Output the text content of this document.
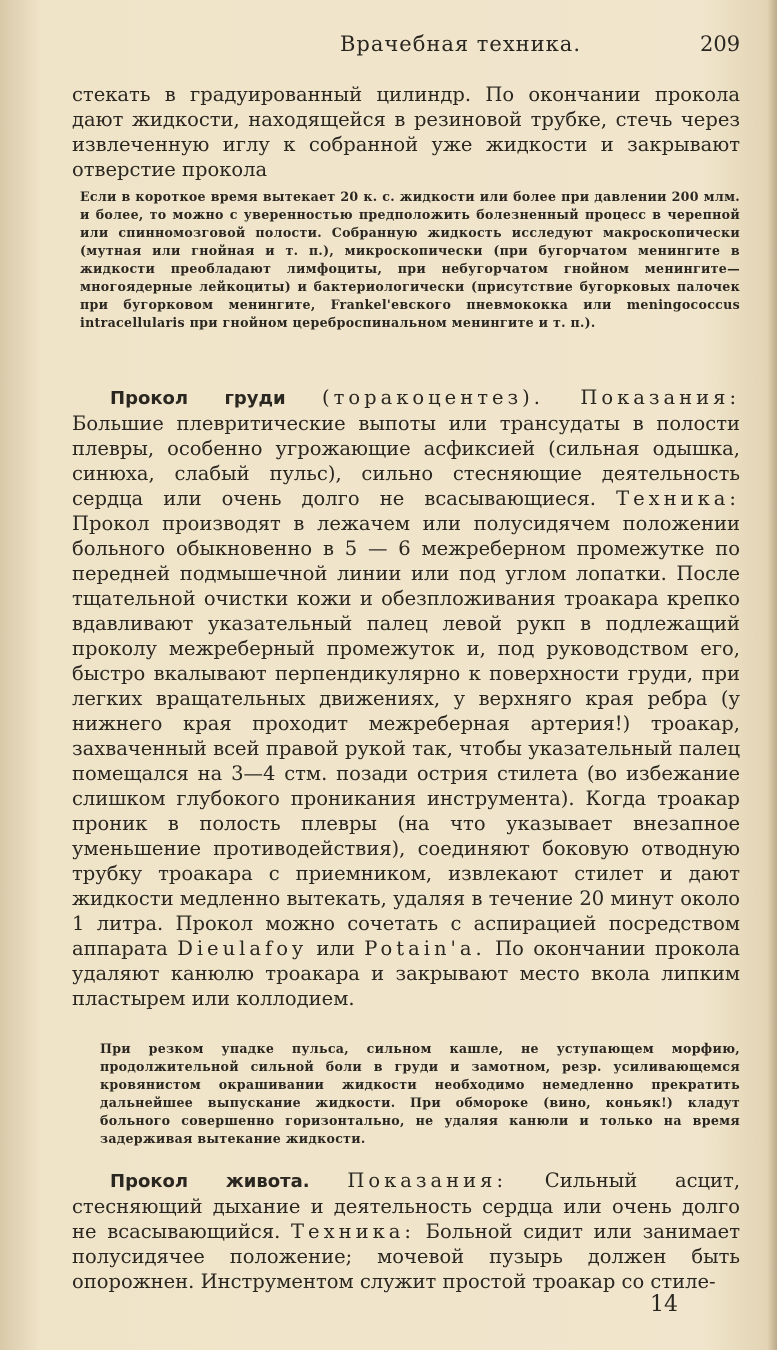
Врачебная техника.	209

стекать в градуированный цилиндр. По окончании прокола дают жидкости, находящейся в резиновой трубке, стечь через извлеченную иглу к собранной уже жидкости и закрывают отверстие прокола

Если в короткое время вытекает 20 к. с. жидкости или более при давлении 200 млм. и более, то можно с уверенностью предположить болезненный процесс в черепной или спинномозговой полости. Собранную жидкость исследуют макроскопически (мутная или гнойная и т. п.), микроскопически (при бугорчатом менингите в жидкости преобладают лимфоциты, при небугорчатом гнойном менингите—многоядерные лейкоциты) и бактериологически (присутствие бугорковых палочек при бугорковом менингите, Frankel'евского пневмококка или meningococcus intracellularis при гнойном цереброспинальном менингите и т. п.).

Прокол груди (торакоцентез). Показания: Большие плевритические выпоты или трансудаты в полости плевры, особенно угрожающие асфиксией (сильная одышка, синюха, слабый пульс), сильно стесняющие деятельность сердца или очень долго не всасывающиеся. Техника: Прокол производят в лежачем или полусидячем положении больного обыкновенно в 5 — 6 межреберном промежутке по передней подмышечной линии или под углом лопатки. После тщательной очистки кожи и обезпложивания троакара крепко вдавливают указательный палец левой рукп в подлежащий проколу межреберный промежуток и, под руководством его, быстро вкалывают перпендикулярно к поверхности груди, при легких вращательных движениях, у верхняго края ребра (у нижнего края проходит межреберная артерия!) троакар, захваченный всей правой рукой так, чтобы указательный палец помещался на 3—4 стм. позади острия стилета (во избежание слишком глубокого проникания инструмента). Когда троакар проник в полость плевры (на что указывает внезапное уменьшение противодействия), соединяют боковую отводную трубку троакара с приемником, извлекают стилет и дают жидкости медленно вытекать, удаляя в течение 20 минут около 1 литра. Прокол можно сочетать с аспирацией посредством аппарата Dieulafoy или Potain'a. По окончании прокола удаляют канюлю троакара и закрывают место вкола липким пластырем или коллодием.

При резком упадке пульса, сильном кашле, не уступающем морфию, продолжительной сильной боли в груди и замотном, резр. усиливающемся кровянистом окрашивании жидкости необходимо немедленно прекратить дальнейшее выпускание жидкости. При обмороке (вино, коньяк!) кладут больного совершенно горизонтально, не удаляя канюли и только на время задерживая вытекание жидкости.

Прокол живота. Показания: Сильный асцит, стесняющий дыхание и деятельность сердца или очень долго не всасывающийся. Техника: Больной сидит или занимает полусидячее положение; мочевой пузырь должен быть опорожнен. Инструментом служит простой троакар со стиле-

14
